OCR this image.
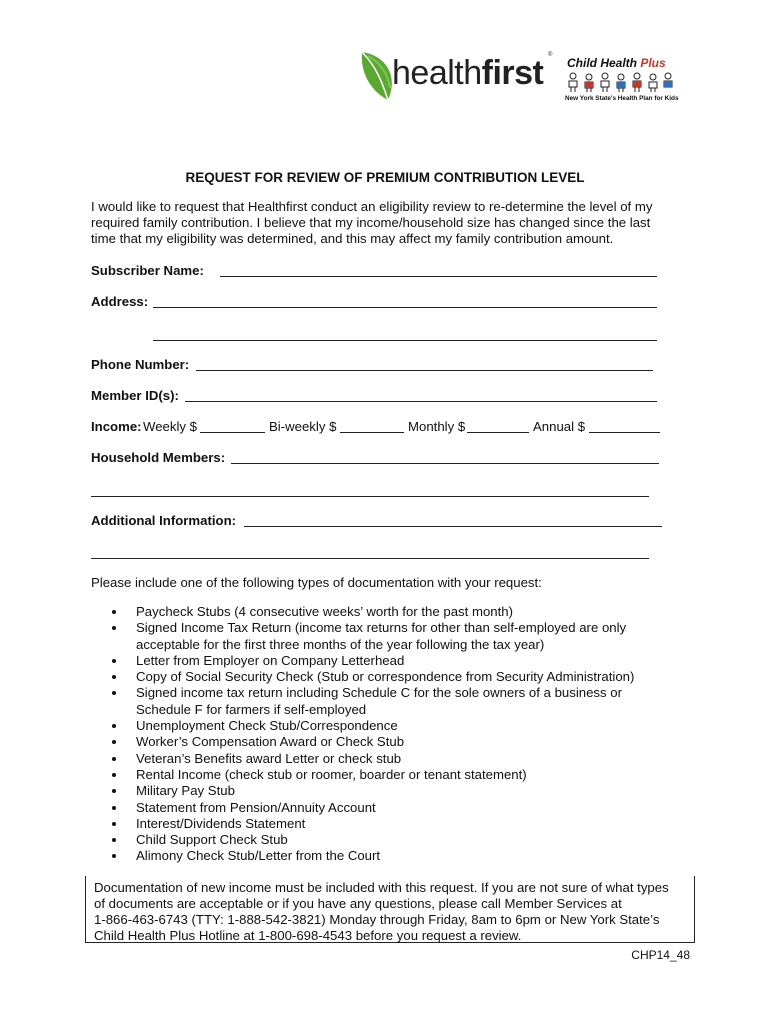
healthfirst ®
Child Health Plus
New York State's Health Plan for Kids
REQUEST FOR REVIEW OF PREMIUM CONTRIBUTION LEVEL
I would like to request that Healthfirst conduct an eligibility review to re-determine the level of my
required family contribution. I believe that my income/household size has changed since the last
time that my eligibility was determined, and this may affect my family contribution amount.
Subscriber Name:
Address:
Phone Number:
Member ID(s):
Income: Weekly $	Bi-weekly $	Monthly $	Annual $
Household Members:
Additional Information:
Please include one of the following types of documentation with your request:
Paycheck Stubs (4 consecutive weeks’ worth for the past month)
Signed Income Tax Return (income tax returns for other than self-employed are only
acceptable for the first three months of the year following the tax year)
Letter from Employer on Company Letterhead
Copy of Social Security Check (Stub or correspondence from Security Administration)
Signed income tax return including Schedule C for the sole owners of a business or
Schedule F for farmers if self-employed
Unemployment Check Stub/Correspondence
Worker’s Compensation Award or Check Stub
Veteran’s Benefits award Letter or check stub
Rental Income (check stub or roomer, boarder or tenant statement)
Military Pay Stub
Statement from Pension/Annuity Account
Interest/Dividends Statement
Child Support Check Stub
Alimony Check Stub/Letter from the Court
Documentation of new income must be included with this request. If you are not sure of what types
of documents are acceptable or if you have any questions, please call Member Services at
1-866-463-6743 (TTY: 1-888-542-3821) Monday through Friday, 8am to 6pm or New York State’s
Child Health Plus Hotline at 1-800-698-4543 before you request a review.
CHP14_48
